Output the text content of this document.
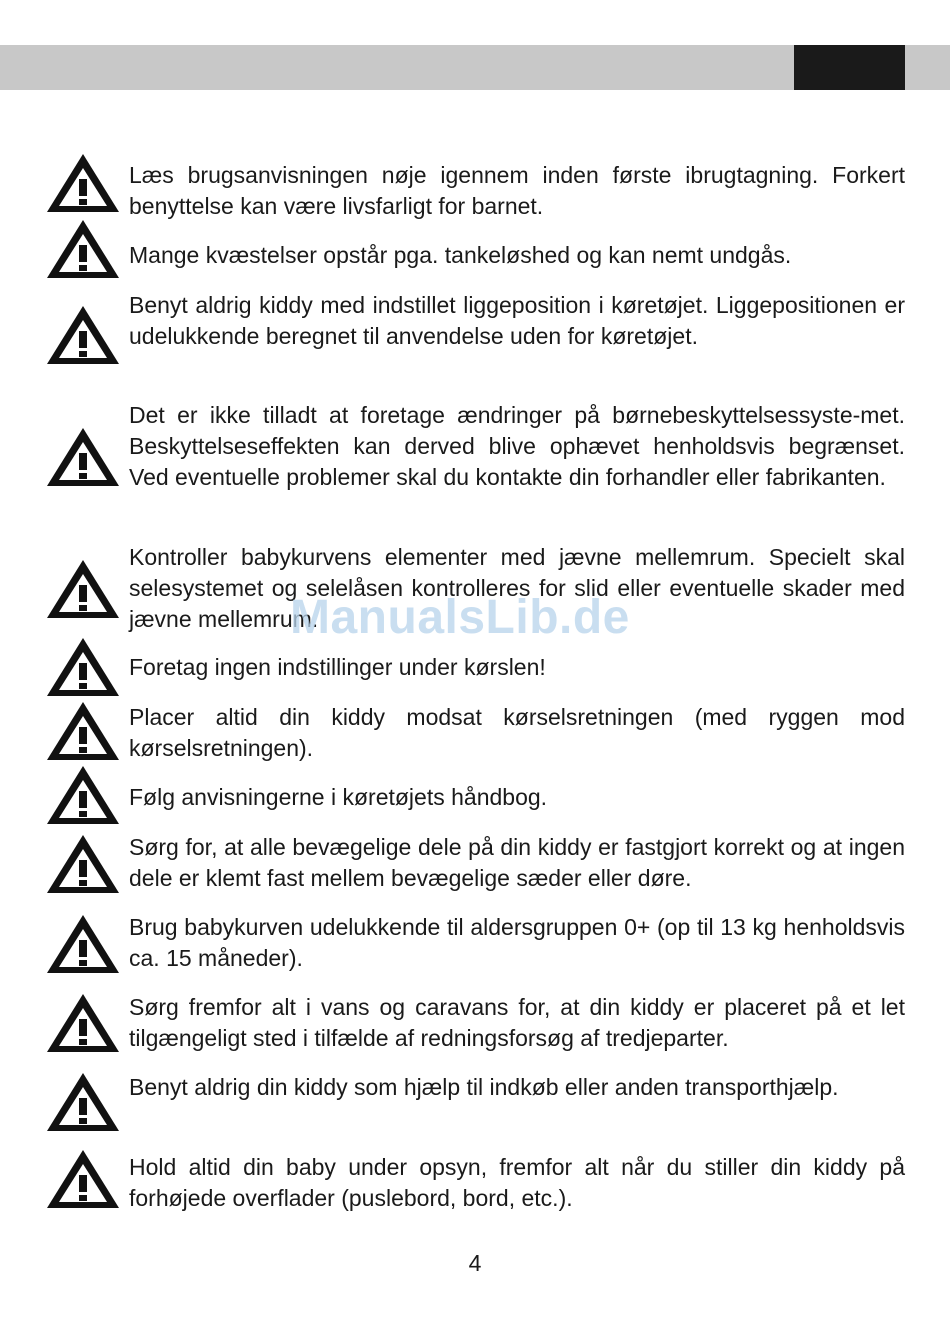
Læs brugsanvisningen nøje igennem inden første ibrugtagning. Forkert benyttelse kan være livsfarligt for barnet.

Mange kvæstelser opstår pga. tankeløshed og kan nemt undgås.

Benyt aldrig kiddy med indstillet liggeposition i køretøjet. Liggepositionen er udelukkende beregnet til anvendelse uden for køretøjet.

Det er ikke tilladt at foretage ændringer på børnebeskyttelsessyste-met. Beskyttelseseffekten kan derved blive ophævet henholdsvis begrænset. Ved eventuelle problemer skal du kontakte din forhandler eller fabrikanten.

Kontroller babykurvens elementer med jævne mellemrum. Specielt skal selesystemet og selelåsen kontrolleres for slid eller eventuelle skader med jævne mellemrum.

Foretag ingen indstillinger under kørslen!

Placer altid din kiddy modsat kørselsretningen (med ryggen mod kørselsretningen).

Følg anvisningerne i køretøjets håndbog.

Sørg for, at alle bevægelige dele på din kiddy er fastgjort korrekt og at ingen dele er klemt fast mellem bevægelige sæder eller døre.

Brug babykurven udelukkende til aldersgruppen 0+ (op til 13 kg henholdsvis ca. 15 måneder).

Sørg fremfor alt i vans og caravans for, at din kiddy er placeret på et let tilgængeligt sted i tilfælde af redningsforsøg af tredjeparter.

Benyt aldrig din kiddy som hjælp til indkøb eller anden transporthjælp.

Hold altid din baby under opsyn, fremfor alt når du stiller din kiddy på forhøjede overflader (puslebord, bord, etc.).

ManualsLib.de
4
